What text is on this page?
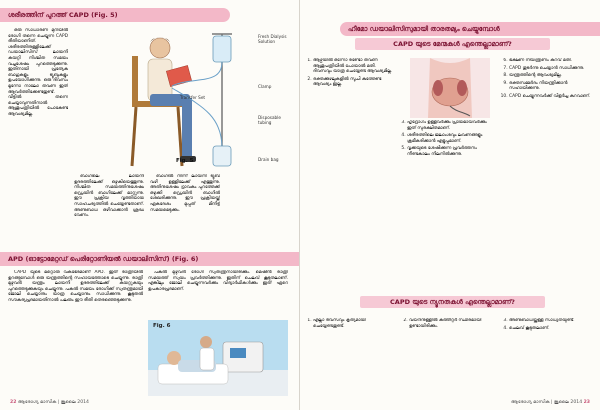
ശരീരത്തിന് പുറത്ത് CAPD (Fig. 5)

ഒരു സാധാരണ മുറിയിൽ രോഗി തന്നെ ചെയ്യുന്ന CAPD രീതിയാണിത്. ശരീരത്തിനുള്ളിലേക്ക് ഡയാലിസിസ് ലായനി കയറ്റി നിശ്ചിത സമയം വച്ചശേഷം പുറത്തെടുക്കുന്നു. ഇതിനായി പ്രത്യേക ബാഗുകളും ട്യൂബുകളും ഉപയോഗിക്കുന്നു. ഒരു ദിവസം മൂന്നോ നാലോ തവണ ഇത് ആവർത്തിക്കേണ്ടതുണ്ട്. വീട്ടിൽ തന്നെ ചെയ്യാവുന്നതിനാൽ ആശുപത്രിയിൽ പോകേണ്ട ആവശ്യമില്ല.

Fresh Dialysis Solution
Transfer Set
Clamp
Disposable tubing
Drain bag
Fig. 5

ബാഗിലെ ലായനി ഉദരത്തിലേക്ക് ഒഴുകിയെത്തുന്നു. നിശ്ചിത സമയത്തിനുശേഷം ഡ്രെയിൻ ബാഗിലേക്ക് മാറ്റുന്നു. ഈ പ്രക്രിയ വൃത്തിയായ സാഹചര്യത്തിൽ ചെയ്യേണ്ടതാണ്. അണുബാധ ഒഴിവാക്കാൻ ശ്രദ്ധ വേണം.

ബാഗിൽ നിന്ന് ലായനി ട്യൂബ് വഴി ഉള്ളിലേക്ക് എത്തുന്നു. അതിനുശേഷം ദ്രാവകം പുറത്തേക്ക് ഒഴുക്കി ഡ്രെയിൻ ബാഗിൽ ശേഖരിക്കുന്നു. ഈ പ്രക്രിയയ്ക്ക് ഏകദേശം മുപ്പത് മിനിട്ട് സമയമെടുക്കും.

APD (ഓട്ടോമേറ്റഡ് പെരിറ്റോണിയൽ ഡയാലിസിസ്) (Fig. 6)

CAPD യുടെ മറ്റൊരു വകഭേദമാണ് APD. ഇത് രാത്രിയിൽ ഉറങ്ങുമ്പോൾ ഒരു യന്ത്രത്തിന്റെ സഹായത്തോടെ ചെയ്യുന്നു. രാത്രി മുഴുവൻ യന്ത്രം ലായനി ഉദരത്തിലേക്ക് കയറ്റുകയും പുറത്തെടുക്കുകയും ചെയ്യുന്നു. പകൽ സമയം രോഗിക്ക് സ്വതന്ത്രമായി ജോലി ചെയ്യാനും യാത്ര ചെയ്യാനും സാധിക്കുന്നു. കൂടുതൽ സൗകര്യപ്രദമായതിനാൽ പലരും ഈ രീതി തെരഞ്ഞെടുക്കുന്നു.

പകൽ മുഴുവൻ രോഗി സ്വതന്ത്രനായിരിക്കും. മെഷീൻ രാത്രി സമയത്ത് സ്വയം പ്രവർത്തിക്കുന്നു. ഇതിന് ചെലവ് കൂടുതലാണ്. എങ്കിലും ജോലി ചെയ്യുന്നവർക്കും വിദ്യാർഥികൾക്കും ഇത് ഏറെ ഉപകാരപ്രദമാണ്.

Fig. 6
22 ആരോഗ്യ മാസിക | ജൂലൈ 2014
ഹീമോ ഡയാലിസിസുമായി താരതമ്യം ചെയ്യുമ്പോൾ
CAPD യുടെ മേന്മകൾ എന്തെല്ലാമാണ്?
1. ആഴ്ചയിൽ ഒന്നോ രണ്ടോ തവണ ആശുപത്രിയിൽ പോയാൽ മതി. ദിവസവും യാത്ര ചെയ്യേണ്ട ആവശ്യമില്ല.
2. രക്തക്കുഴലുകളിൽ സൂചി കുത്തേണ്ട ആവശ്യം ഇല്ല.
3. ഹൃദ്രോഗം ഉള്ളവർക്കും പ്രായമായവർക്കും ഇത് സുരക്ഷിതമാണ്.
4. ശരീരത്തിലെ ജലാംശവും ലവണങ്ങളും ക്രമീകരിക്കാൻ എളുപ്പമാണ്.
5. വൃക്കയുടെ ശേഷിക്കുന്ന പ്രവർത്തനം നീണ്ടകാലം നിലനിൽക്കുന്നു.
6. ഭക്ഷണ നിയന്ത്രണം കുറവ് മതി.
7. CAPD തുടർന്നു ചെയ്യാൻ സാധിക്കുന്നു.
8. യന്ത്രത്തിന്റെ ആവശ്യമില്ല.
9. രക്തസമ്മർദം നിയന്ത്രിക്കാൻ സഹായിക്കുന്നു.
10. CAPD ചെയ്യുന്നവർക്ക് വിളർച്ച കുറവാണ്.
CAPD യുടെ ന്യൂനതകൾ എന്തെല്ലാമാണ്?
1. എല്ലാ ദിവസവും കൃത്യമായി ചെയ്യേണ്ടതുണ്ട്.
2. വയറിനുള്ളിൽ കത്തീറ്റർ സ്ഥിരമായി ഉണ്ടായിരിക്കും.
3. അണുബാധയ്ക്കുള്ള സാധ്യതയുണ്ട്.
4. ചെലവ് കൂടുതലാണ്.
ആരോഗ്യ മാസിക | ജൂലൈ 2014 23
